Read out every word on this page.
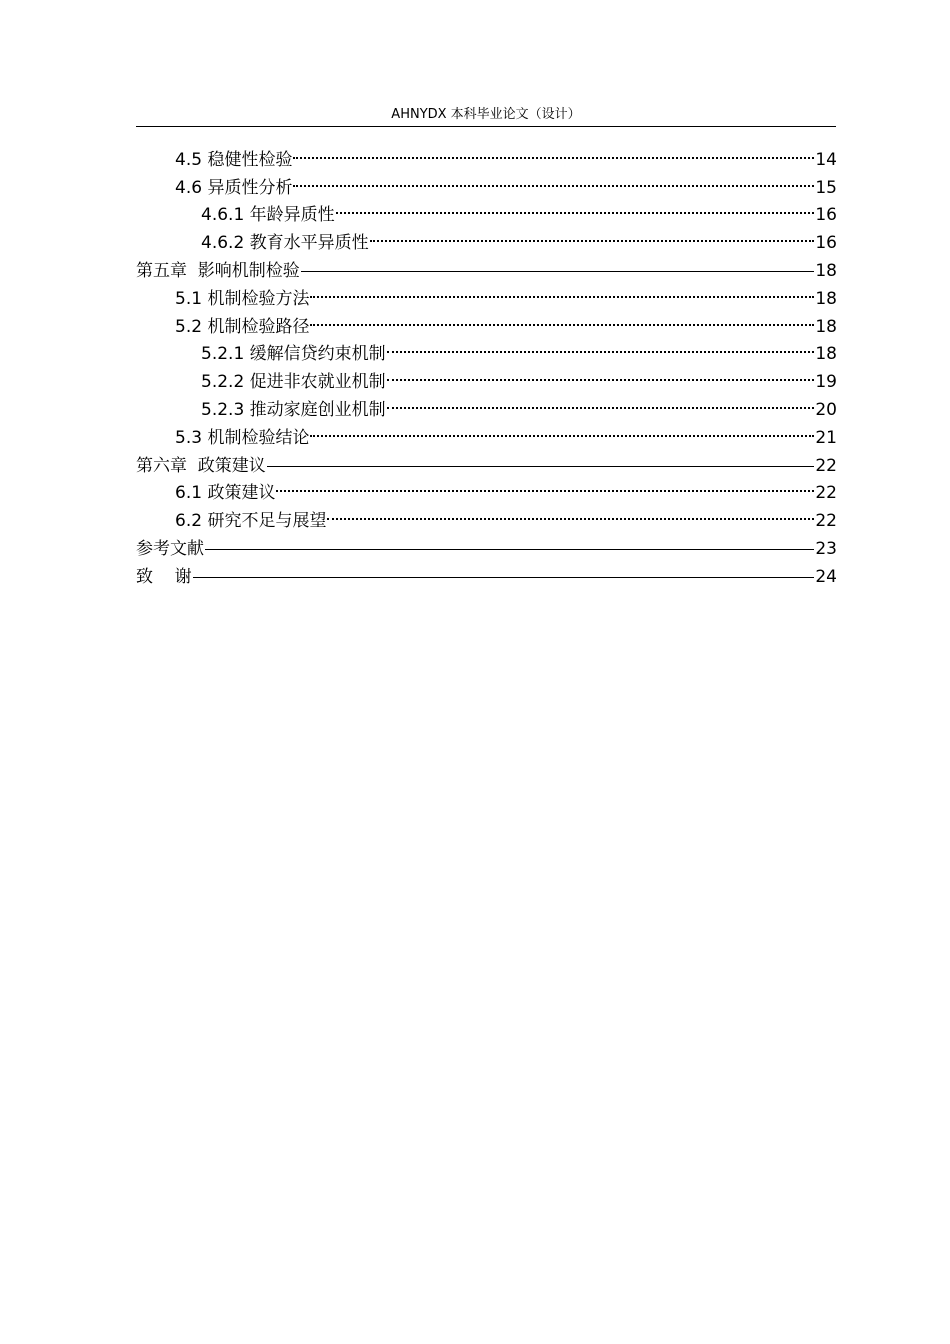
AHNYDX 本科毕业论文（设计）
4.5 稳健性检验	14
4.6 异质性分析	15
4.6.1 年龄异质性	16
4.6.2 教育水平异质性	16
第五章  影响机制检验	18
5.1 机制检验方法	18
5.2 机制检验路径	18
5.2.1 缓解信贷约束机制	18
5.2.2 促进非农就业机制	19
5.2.3 推动家庭创业机制	20
5.3 机制检验结论	21
第六章  政策建议	22
6.1 政策建议	22
6.2 研究不足与展望	22
参考文献	23
致    谢	24
